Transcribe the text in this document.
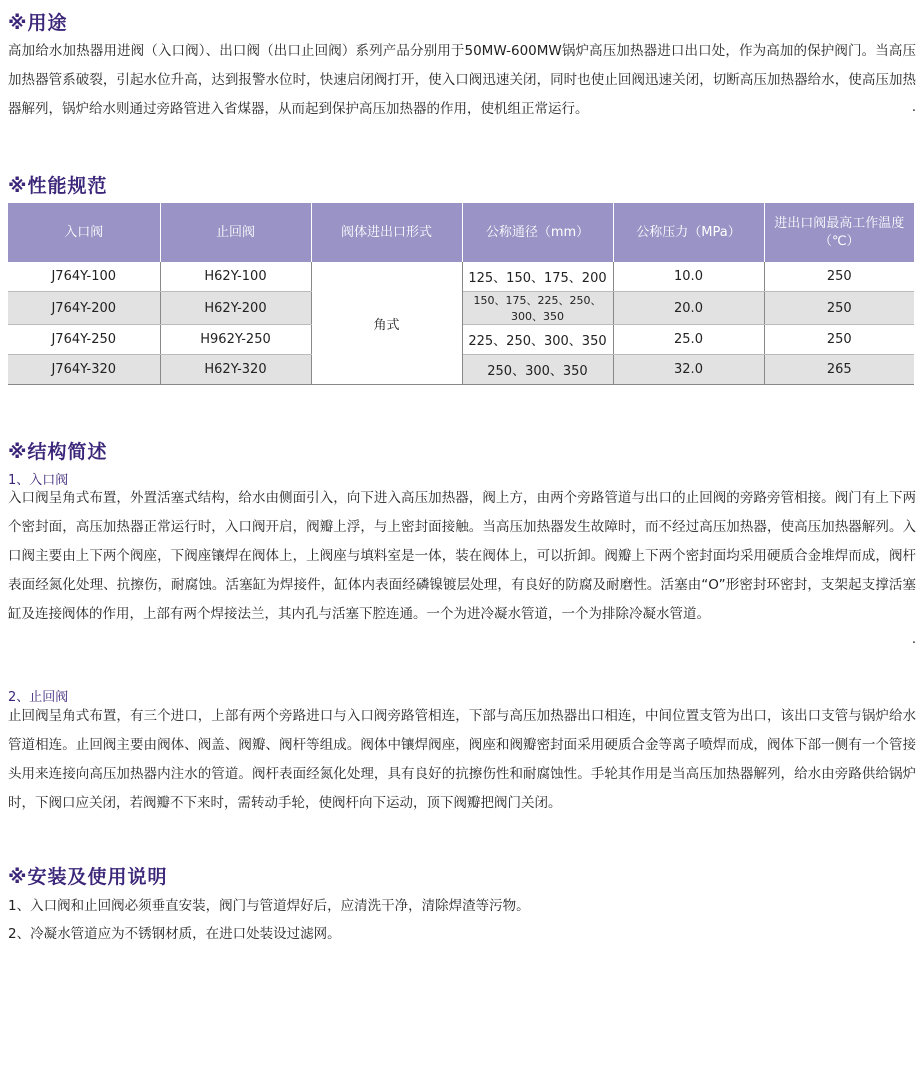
※用途

高加给水加热器用进阀（入口阀）、出口阀（出口止回阀）系列产品分别用于50MW-600MW锅炉高压加热器进口出口处，作为高加的保护阀门。当高压加热器管系破裂，引起水位升高，达到报警水位时，快速启闭阀打开，使入口阀迅速关闭，同时也使止回阀迅速关闭，切断高压加热器给水，使高压加热器解列，锅炉给水则通过旁路管进入省煤器，从而起到保护高压加热器的作用，使机组正常运行。	.
※性能规范
入口阀	止回阀	阀体进出口形式	公称通径（mm）	公称压力（MPa）	进出口阀最高工作温度（℃）
J764Y-100	H62Y-100	角式	125、150、175、200	10.0	250
J764Y-200	H62Y-200		150、175、225、250、300、350	20.0	250
J764Y-250	H962Y-250		225、250、300、350	25.0	250
J764Y-320	H62Y-320		250、300、350	32.0	265
※结构简述

1、入口阀

入口阀呈角式布置，外置活塞式结构，给水由侧面引入，向下进入高压加热器，阀上方，由两个旁路管道与出口的止回阀的旁路旁管相接。阀门有上下两个密封面，高压加热器正常运行时，入口阀开启，阀瓣上浮，与上密封面接触。当高压加热器发生故障时，而不经过高压加热器，使高压加热器解列。入口阀主要由上下两个阀座，下阀座镶焊在阀体上，上阀座与填料室是一体，装在阀体上，可以折卸。阀瓣上下两个密封面均采用硬质合金堆焊而成，阀杆表面经氮化处理、抗擦伤，耐腐蚀。活塞缸为焊接件，缸体内表面经磷镍镀层处理，有良好的防腐及耐磨性。活塞由“O”形密封环密封，支架起支撑活塞缸及连接阀体的作用，上部有两个焊接法兰，其内孔与活塞下腔连通。一个为进冷凝水管道，一个为排除冷凝水管道。

.

2、止回阀

止回阀呈角式布置，有三个进口，上部有两个旁路进口与入口阀旁路管相连，下部与高压加热器出口相连，中间位置支管为出口，该出口支管与锅炉给水管道相连。止回阀主要由阀体、阀盖、阀瓣、阀杆等组成。阀体中镶焊阀座，阀座和阀瓣密封面采用硬质合金等离子喷焊而成，阀体下部一侧有一个管接头用来连接向高压加热器内注水的管道。阀杆表面经氮化处理，具有良好的抗擦伤性和耐腐蚀性。手轮其作用是当高压加热器解列，给水由旁路供给锅炉时，下阀口应关闭，若阀瓣不下来时，需转动手轮，使阀杆向下运动，顶下阀瓣把阀门关闭。

※安装及使用说明

1、入口阀和止回阀必须垂直安装，阀门与管道焊好后，应清洗干净，清除焊渣等污物。

2、冷凝水管道应为不锈钢材质，在进口处装设过滤网。
